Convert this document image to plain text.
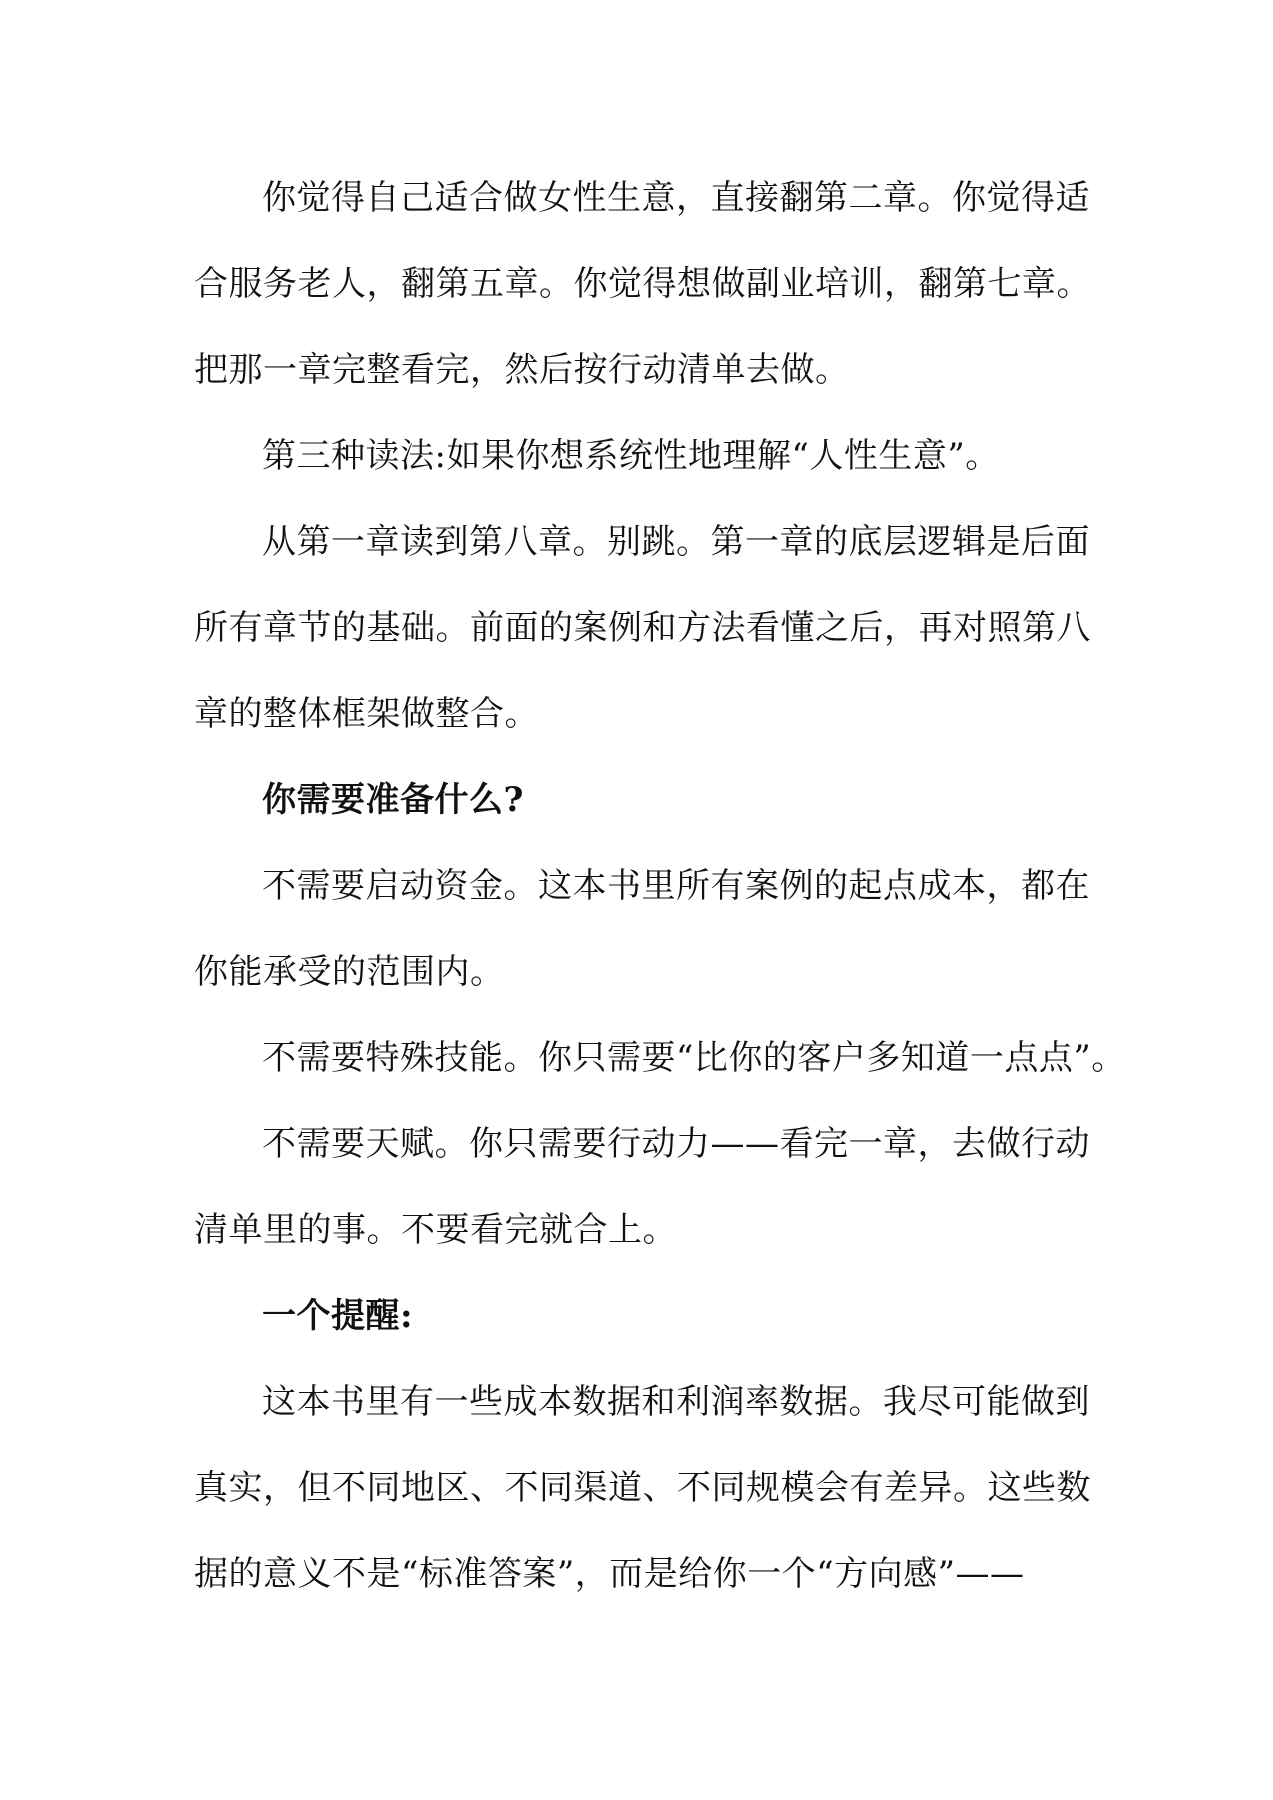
你觉得自己适合做女性生意，直接翻第二章。你觉得适
合服务老人，翻第五章。你觉得想做副业培训，翻第七章。
把那一章完整看完，然后按行动清单去做。
第三种读法:如果你想系统性地理解“人性生意”。
从第一章读到第八章。别跳。第一章的底层逻辑是后面
所有章节的基础。前面的案例和方法看懂之后，再对照第八
章的整体框架做整合。
你需要准备什么?
不需要启动资金。这本书里所有案例的起点成本，都在
你能承受的范围内。
不需要特殊技能。你只需要“比你的客户多知道一点点”。
不需要天赋。你只需要行动力——看完一章，去做行动
清单里的事。不要看完就合上。
一个提醒:
这本书里有一些成本数据和利润率数据。我尽可能做到
真实，但不同地区、不同渠道、不同规模会有差异。这些数
据的意义不是“标准答案”，而是给你一个“方向感”——
